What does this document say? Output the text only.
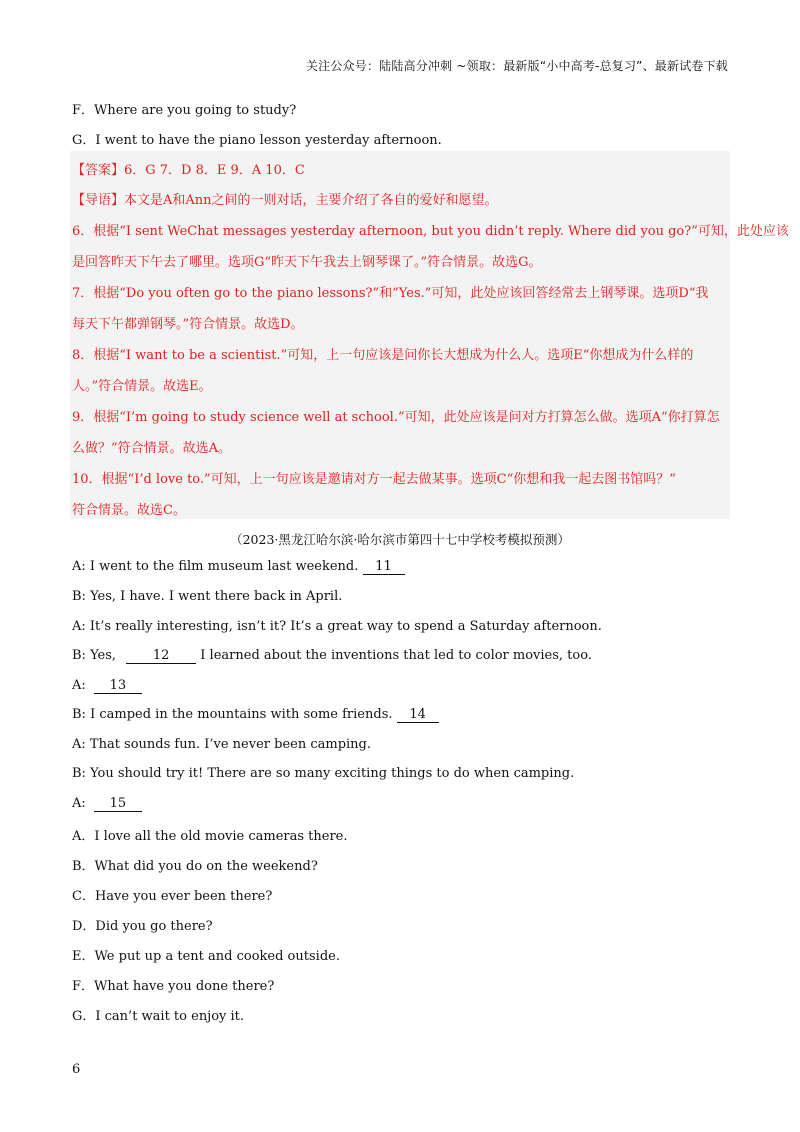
关注公众号：陆陆高分冲刺 ~领取：最新版“小中高考-总复习”、最新试卷下载
F．Where are you going to study?
G．I went to have the piano lesson yesterday afternoon.
【答案】6．G 7．D 8．E 9．A 10．C
【导语】本文是A和Ann之间的一则对话，主要介绍了各自的爱好和愿望。
6．根据“I sent WeChat messages yesterday afternoon, but you didn’t reply. Where did you go?”可知，此处应该
是回答昨天下午去了哪里。选项G“昨天下午我去上钢琴课了。”符合情景。故选G。
7．根据“Do you often go to the piano lessons?”和“Yes.”可知，此处应该回答经常去上钢琴课。选项D“我
每天下午都弹钢琴。”符合情景。故选D。
8．根据“I want to be a scientist.”可知，上一句应该是问你长大想成为什么人。选项E“你想成为什么样的
人。”符合情景。故选E。
9．根据“I’m going to study science well at school.”可知，此处应该是问对方打算怎么做。选项A“你打算怎
么做？”符合情景。故选A。
10．根据“I’d love to.”可知，上一句应该是邀请对方一起去做某事。选项C“你想和我一起去图书馆吗？”
符合情景。故选C。
（2023·黑龙江哈尔滨·哈尔滨市第四十七中学校考模拟预测）
A: I went to the film museum last weekend. 11
B: Yes, I have. I went there back in April.
A: It’s really interesting, isn’t it? It’s a great way to spend a Saturday afternoon.
B: Yes,	12 I learned about the inventions that led to color movies, too.
A: 13
B: I camped in the mountains with some friends. 14
A: That sounds fun. I’ve never been camping.
B: You should try it! There are so many exciting things to do when camping.
A: 15
A．I love all the old movie cameras there.
B．What did you do on the weekend?
C．Have you ever been there?
D．Did you go there?
E．We put up a tent and cooked outside.
F．What have you done there?
G．I can’t wait to enjoy it.
6
